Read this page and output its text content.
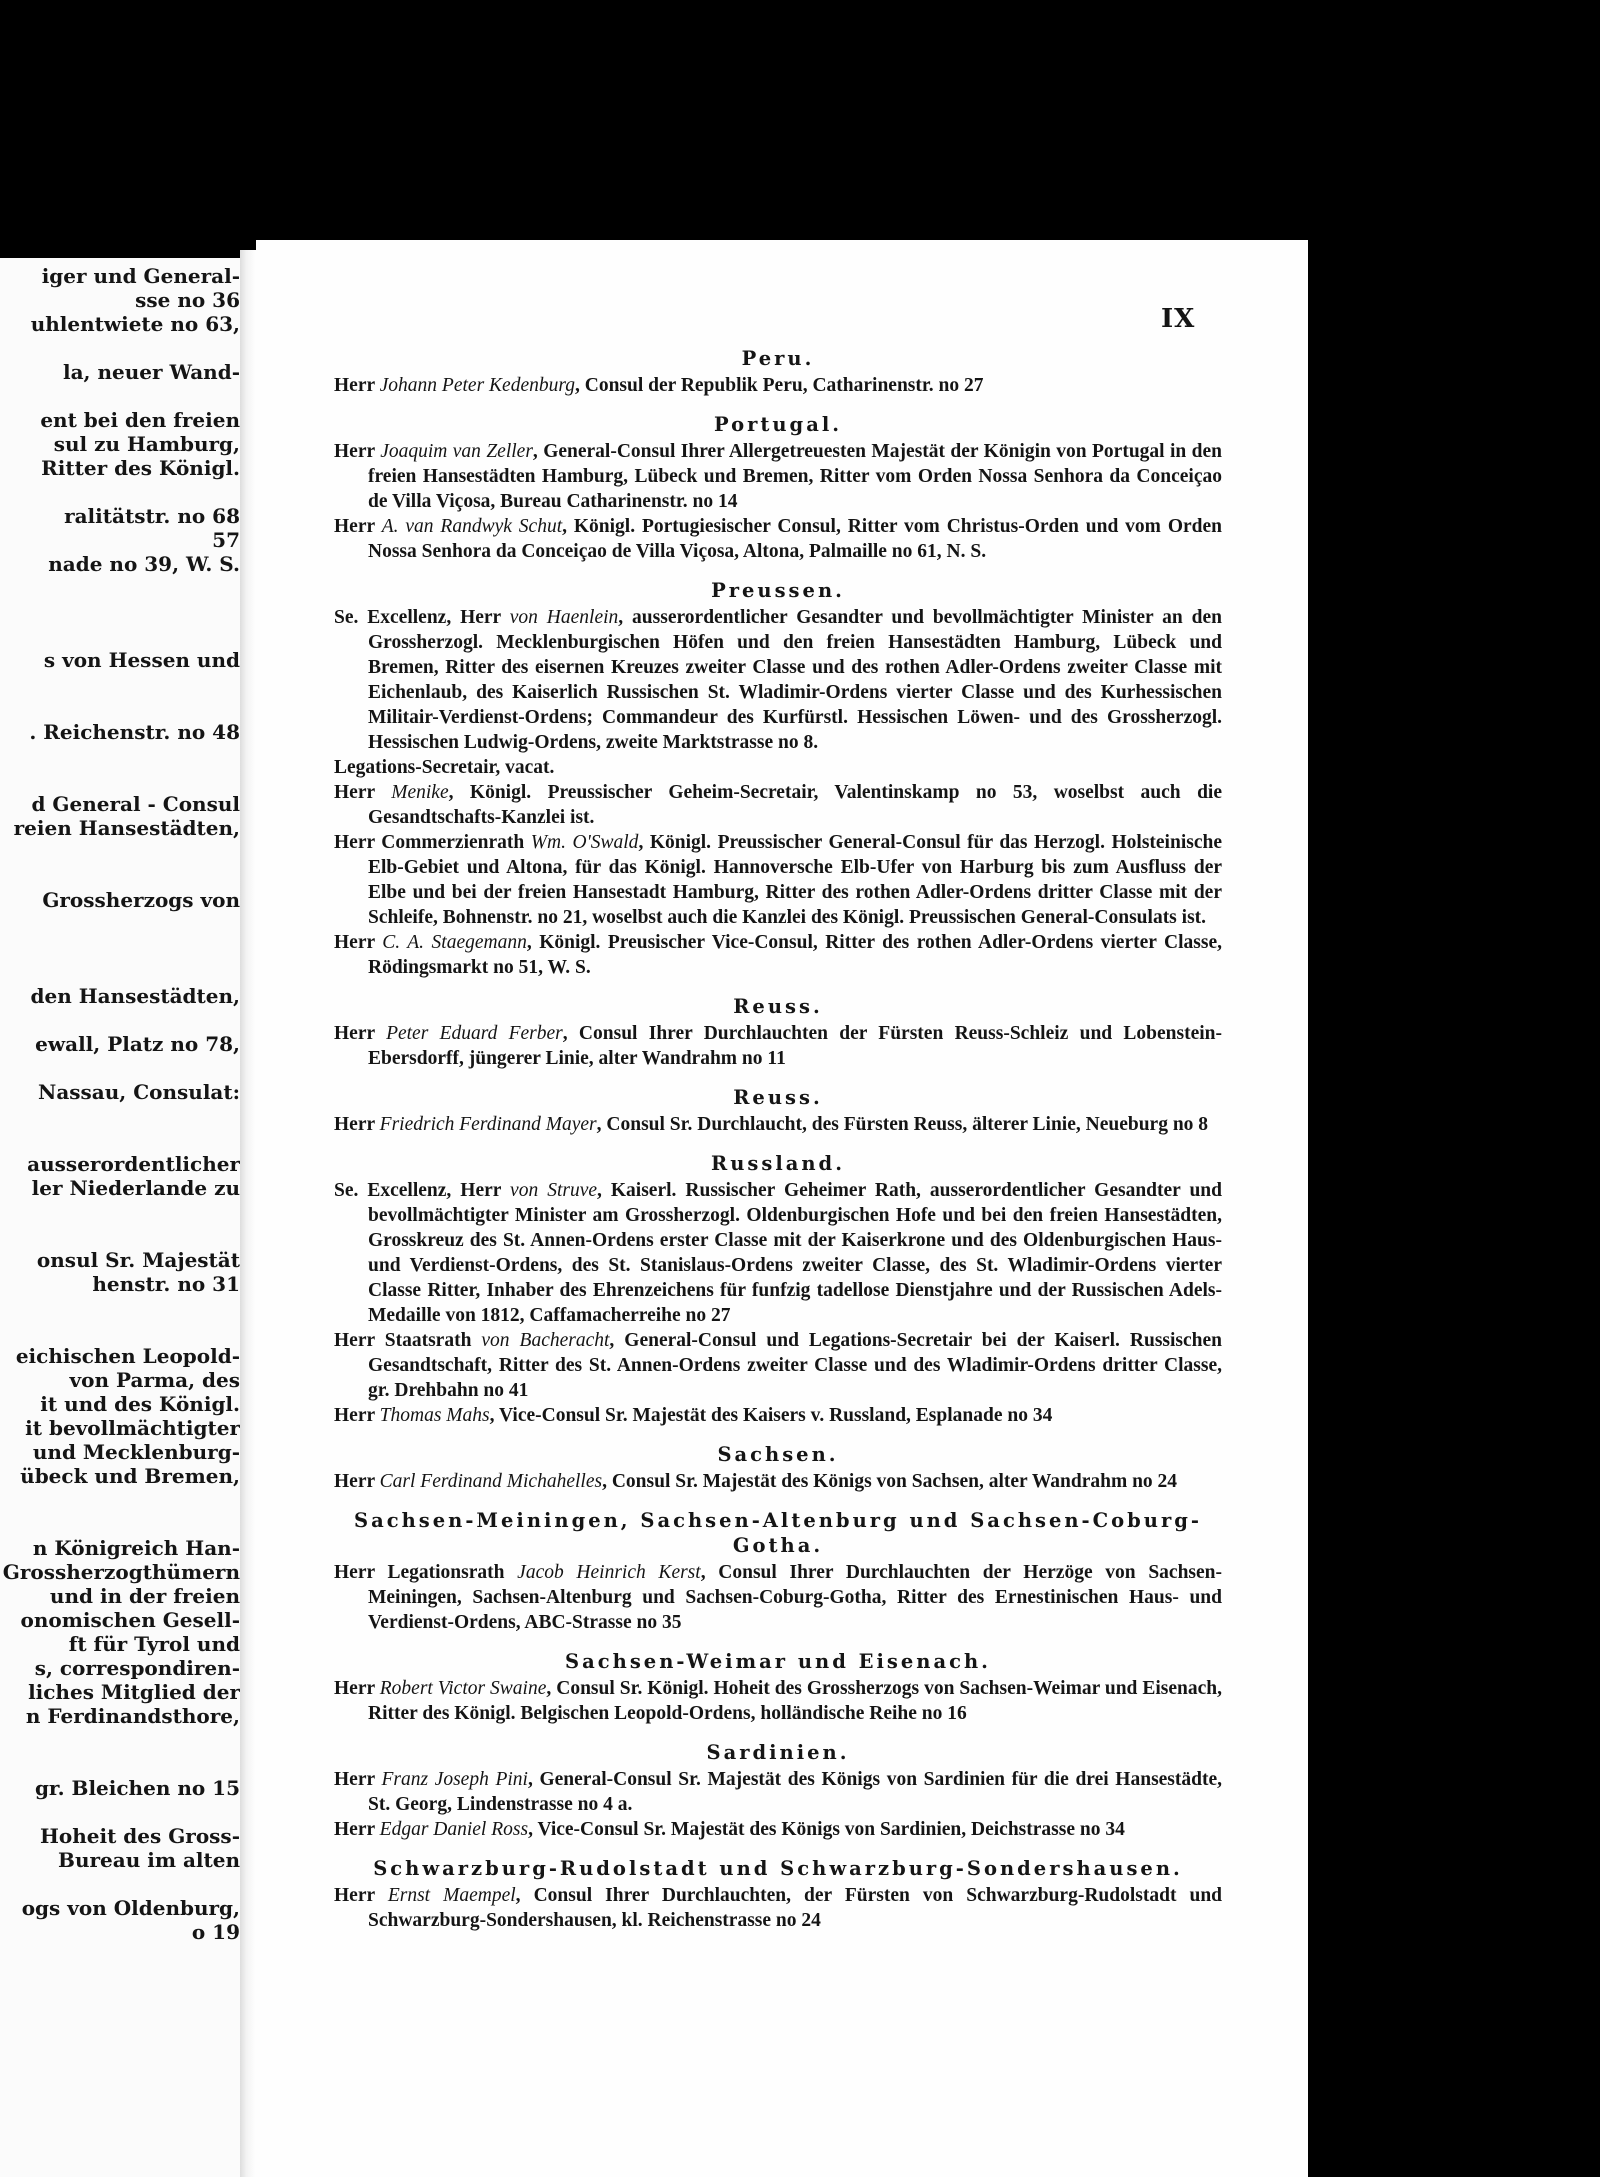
iger und General-
sse no 36
uhlentwiete no 63,
la, neuer Wand-
ent bei den freien
sul zu Hamburg,
Ritter des Königl.
ralitätstr. no 68
57
nade no 39, W. S.
s von Hessen und
. Reichenstr. no 48
d General - Consul
reien Hansestädten,
Grossherzogs von
den Hansestädten,
ewall, Platz no 78,
Nassau, Consulat:
ausserordentlicher
ler Niederlande zu
onsul Sr. Majestät
henstr. no 31
eichischen Leopold-
von Parma, des
it und des Königl.
it bevollmächtigter
und Mecklenburg-
übeck und Bremen,
n Königreich Han-
Grossherzogthümern
und in der freien
onomischen Gesell-
ft für Tyrol und
s, correspondiren-
liches Mitglied der
n Ferdinandsthore,
gr. Bleichen no 15
Hoheit des Gross-
Bureau im alten
ogs von Oldenburg,
o 19
IX
Peru.

Herr Johann Peter Kedenburg, Consul der Republik Peru, Catharinenstr. no 27

Portugal.

Herr Joaquim van Zeller, General-Consul Ihrer Allergetreuesten Majestät der Königin von Portugal in den freien Hansestädten Hamburg, Lübeck und Bremen, Ritter vom Orden Nossa Senhora da Conceiçao de Villa Viçosa, Bureau Catharinenstr. no 14

Herr A. van Randwyk Schut, Königl. Portugiesischer Consul, Ritter vom Christus-Orden und vom Orden Nossa Senhora da Conceiçao de Villa Viçosa, Altona, Palmaille no 61, N. S.

Preussen.

Se. Excellenz, Herr von Haenlein, ausserordentlicher Gesandter und bevollmächtigter Minister an den Grossherzogl. Mecklenburgischen Höfen und den freien Hansestädten Hamburg, Lübeck und Bremen, Ritter des eisernen Kreuzes zweiter Classe und des rothen Adler-Ordens zweiter Classe mit Eichenlaub, des Kaiserlich Russischen St. Wladimir-Ordens vierter Classe und des Kurhessischen Militair-Verdienst-Ordens; Commandeur des Kurfürstl. Hessischen Löwen- und des Grossherzogl. Hessischen Ludwig-Ordens, zweite Marktstrasse no 8.

Legations-Secretair, vacat.

Herr Menike, Königl. Preussischer Geheim-Secretair, Valentinskamp no 53, woselbst auch die Gesandtschafts-Kanzlei ist.

Herr Commerzienrath Wm. O'Swald, Königl. Preussischer General-Consul für das Herzogl. Holsteinische Elb-Gebiet und Altona, für das Königl. Hannoversche Elb-Ufer von Harburg bis zum Ausfluss der Elbe und bei der freien Hansestadt Hamburg, Ritter des rothen Adler-Ordens dritter Classe mit der Schleife, Bohnenstr. no 21, woselbst auch die Kanzlei des Königl. Preussischen General-Consulats ist.

Herr C. A. Staegemann, Königl. Preusischer Vice-Consul, Ritter des rothen Adler-Ordens vierter Classe, Rödingsmarkt no 51, W. S.

Reuss.

Herr Peter Eduard Ferber, Consul Ihrer Durchlauchten der Fürsten Reuss-Schleiz und Lobenstein-Ebersdorff, jüngerer Linie, alter Wandrahm no 11

Reuss.

Herr Friedrich Ferdinand Mayer, Consul Sr. Durchlaucht, des Fürsten Reuss, älterer Linie, Neueburg no 8

Russland.

Se. Excellenz, Herr von Struve, Kaiserl. Russischer Geheimer Rath, ausserordentlicher Gesandter und bevollmächtigter Minister am Grossherzogl. Oldenburgischen Hofe und bei den freien Hansestädten, Grosskreuz des St. Annen-Ordens erster Classe mit der Kaiserkrone und des Oldenburgischen Haus- und Verdienst-Ordens, des St. Stanislaus-Ordens zweiter Classe, des St. Wladimir-Ordens vierter Classe Ritter, Inhaber des Ehrenzeichens für funfzig tadellose Dienstjahre und der Russischen Adels-Medaille von 1812, Caffamacherreihe no 27

Herr Staatsrath von Bacheracht, General-Consul und Legations-Secretair bei der Kaiserl. Russischen Gesandtschaft, Ritter des St. Annen-Ordens zweiter Classe und des Wladimir-Ordens dritter Classe, gr. Drehbahn no 41

Herr Thomas Mahs, Vice-Consul Sr. Majestät des Kaisers v. Russland, Esplanade no 34

Sachsen.

Herr Carl Ferdinand Michahelles, Consul Sr. Majestät des Königs von Sachsen, alter Wandrahm no 24

Sachsen-Meiningen, Sachsen-Altenburg und Sachsen-Coburg-Gotha.

Herr Legationsrath Jacob Heinrich Kerst, Consul Ihrer Durchlauchten der Herzöge von Sachsen-Meiningen, Sachsen-Altenburg und Sachsen-Coburg-Gotha, Ritter des Ernestinischen Haus- und Verdienst-Ordens, ABC-Strasse no 35

Sachsen-Weimar und Eisenach.

Herr Robert Victor Swaine, Consul Sr. Königl. Hoheit des Grossherzogs von Sachsen-Weimar und Eisenach, Ritter des Königl. Belgischen Leopold-Ordens, holländische Reihe no 16

Sardinien.

Herr Franz Joseph Pini, General-Consul Sr. Majestät des Königs von Sardinien für die drei Hansestädte, St. Georg, Lindenstrasse no 4 a.

Herr Edgar Daniel Ross, Vice-Consul Sr. Majestät des Königs von Sardinien, Deichstrasse no 34

Schwarzburg-Rudolstadt und Schwarzburg-Sondershausen.

Herr Ernst Maempel, Consul Ihrer Durchlauchten, der Fürsten von Schwarzburg-Rudolstadt und Schwarzburg-Sondershausen, kl. Reichenstrasse no 24
